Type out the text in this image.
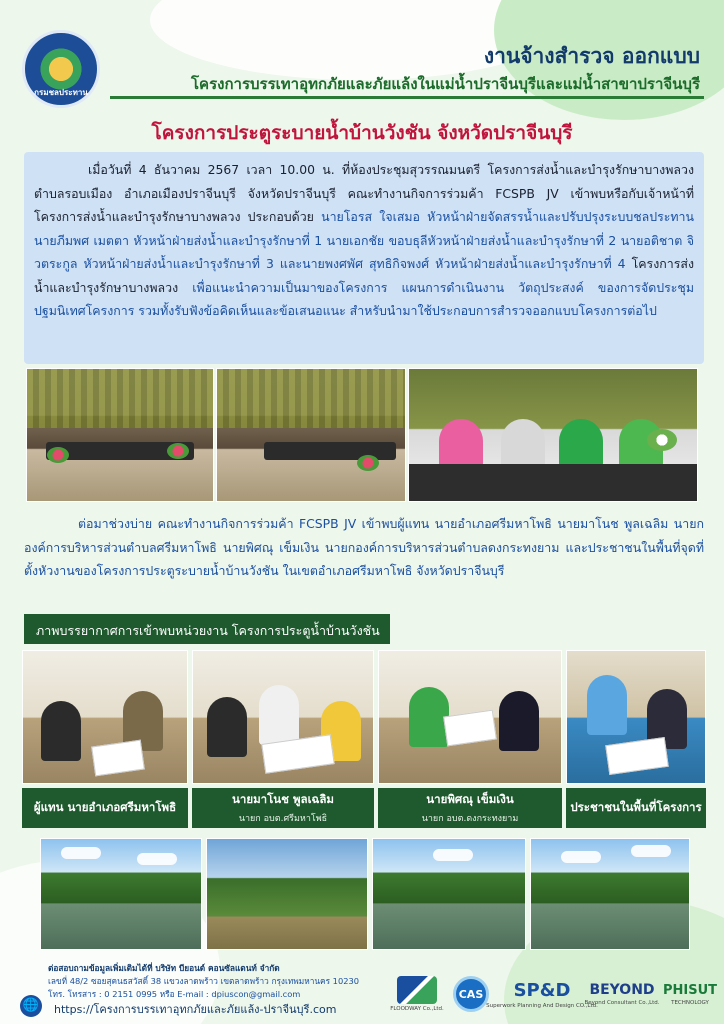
กรมชลประทาน
งานจ้างสำรวจ ออกแบบ
โครงการบรรเทาอุทกภัยและภัยแล้งในแม่น้ำปราจีนบุรีและแม่น้ำสาขาปราจีนบุรี
โครงการประตูระบายน้ำบ้านวังชัน จังหวัดปราจีนบุรี
เมื่อวันที่ 4 ธันวาคม 2567 เวลา 10.00 น. ที่ห้องประชุมสุวรรณมนตรี โครงการส่งน้ำและบำรุงรักษาบางพลวง ตำบลรอบเมือง อำเภอเมืองปราจีนบุรี จังหวัดปราจีนบุรี คณะทำงานกิจการร่วมค้า FCSPB JV เข้าพบหรือกับเจ้าหน้าที่โครงการส่งน้ำและบำรุงรักษาบางพลวง ประกอบด้วย นายโอรส ใจเสมอ หัวหน้าฝ่ายจัดสรรน้ำและปรับปรุงระบบชลประทาน นายภีมพศ เมตตา หัวหน้าฝ่ายส่งน้ำและบำรุงรักษาที่ 1 นายเอกชัย ขอบธุลีหัวหน้าฝ่ายส่งน้ำและบำรุงรักษาที่ 2 นายอติชาต จิวตระกูล หัวหน้าฝ่ายส่งน้ำและบำรุงรักษาที่ 3 และนายพงศพัศ สุทธิกิจพงศ์ หัวหน้าฝ่ายส่งน้ำและบำรุงรักษาที่ 4 โครงการส่งน้ำและบำรุงรักษาบางพลวง เพื่อแนะนำความเป็นมาของโครงการ แผนการดำเนินงาน วัตถุประสงค์ ของการจัดประชุมปฐมนิเทศโครงการ รวมทั้งรับฟังข้อคิดเห็นและข้อเสนอแนะ สำหรับนำมาใช้ประกอบการสำรวจออกแบบโครงการต่อไป
ต่อมาช่วงบ่าย คณะทำงานกิจการร่วมค้า FCSPB JV เข้าพบผู้แทน นายอำเภอศรีมหาโพธิ นายมาโนช พูลเฉลิม นายกองค์การบริหารส่วนตำบลศรีมหาโพธิ นายพิศณุ เข็มเงิน นายกองค์การบริหารส่วนตำบลดงกระทงยาม และประชาชนในพื้นที่จุดที่ตั้งหัวงานของโครงการประตูระบายน้ำบ้านวังชัน ในเขตอำเภอศรีมหาโพธิ จังหวัดปราจีนบุรี
ภาพบรรยากาศการเข้าพบหน่วยงาน โครงการประตูน้ำบ้านวังชัน
ผู้แทน นายอำเภอศรีมหาโพธิ
นายมาโนช พูลเฉลิม
นายก อบต.ศรีมหาโพธิ
นายพิศณุ เข็มเงิน
นายก อบต.ดงกระทงยาม
ประชาชนในพื้นที่โครงการ
ต่อสอบถามข้อมูลเพิ่มเติมได้ที่ บริษัท บียอนด์ คอนซัลแตนท์ จำกัด
เลขที่ 48/2 ซอยสุคนธสวัสดิ์ 38 แขวงลาดพร้าว เขตลาดพร้าว กรุงเทพมหานคร 10230
โทร. โทรสาร : 0 2151 0995 หรือ E-mail : dpiuscon@gmail.com
🌐 https://โครงการบรรเทาอุทกภัยและภัยแล้ง-ปราจีนบุรี.com	FLOODWAY Co.,Ltd.
CAS	SP&D
Superwork Planning And Design CO.,Ltd.
BEYOND
Beyond Consultant Co.,Ltd.
PHISUT
TECHNOLOGY
